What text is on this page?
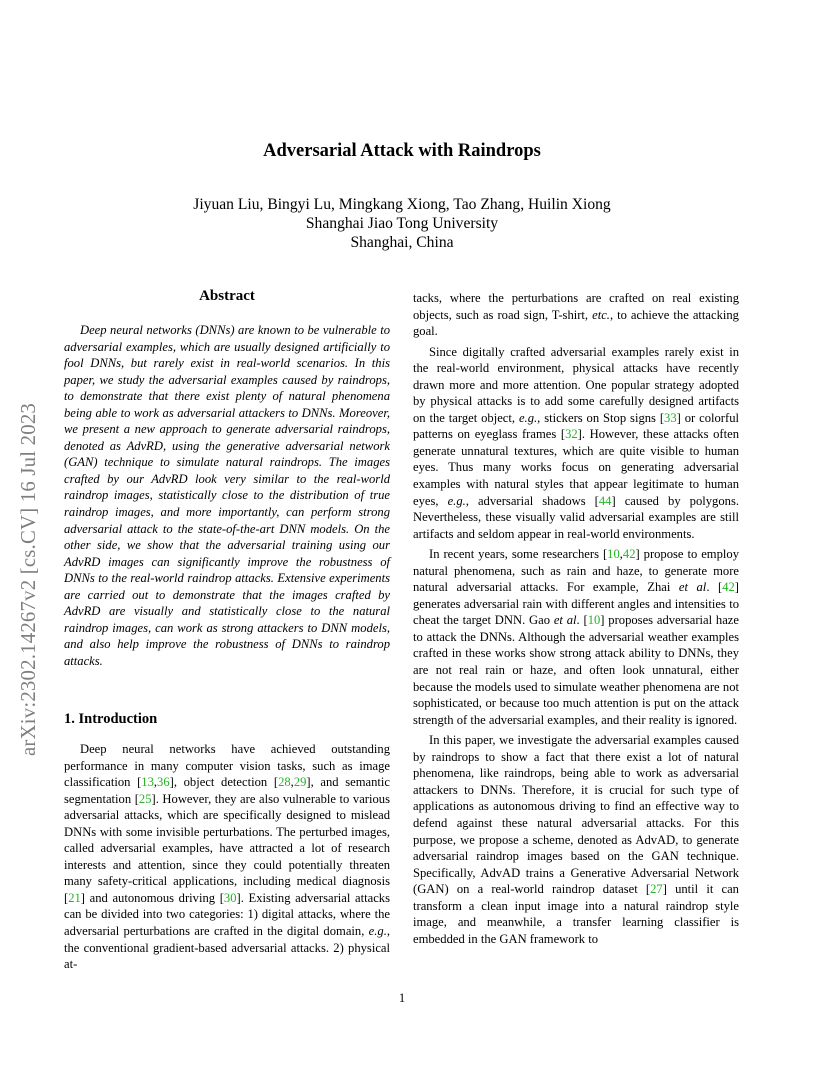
arXiv:2302.14267v2 [cs.CV] 16 Jul 2023
Adversarial Attack with Raindrops
Jiyuan Liu, Bingyi Lu, Mingkang Xiong, Tao Zhang, Huilin Xiong
Shanghai Jiao Tong University
Shanghai, China
Abstract

Deep neural networks (DNNs) are known to be vulnerable to adversarial examples, which are usually designed artificially to fool DNNs, but rarely exist in real-world scenarios. In this paper, we study the adversarial examples caused by raindrops, to demonstrate that there exist plenty of natural phenomena being able to work as adversarial attackers to DNNs. Moreover, we present a new approach to generate adversarial raindrops, denoted as AdvRD, using the generative adversarial network (GAN) technique to simulate natural raindrops. The images crafted by our AdvRD look very similar to the real-world raindrop images, statistically close to the distribution of true raindrop images, and more importantly, can perform strong adversarial attack to the state-of-the-art DNN models. On the other side, we show that the adversarial training using our AdvRD images can significantly improve the robustness of DNNs to the real-world raindrop attacks. Extensive experiments are carried out to demonstrate that the images crafted by AdvRD are visually and statistically close to the natural raindrop images, can work as strong attackers to DNN models, and also help improve the robustness of DNNs to raindrop attacks.

1. Introduction

Deep neural networks have achieved outstanding performance in many computer vision tasks, such as image classification [13,36], object detection [28,29], and semantic segmentation [25]. However, they are also vulnerable to various adversarial attacks, which are specifically designed to mislead DNNs with some invisible perturbations. The perturbed images, called adversarial examples, have attracted a lot of research interests and attention, since they could potentially threaten many safety-critical applications, including medical diagnosis [21] and autonomous driving [30]. Existing adversarial attacks can be divided into two categories: 1) digital attacks, where the adversarial perturbations are crafted in the digital domain, e.g., the conventional gradient-based adversarial attacks. 2) physical at-

tacks, where the perturbations are crafted on real existing objects, such as road sign, T-shirt, etc., to achieve the attacking goal.

Since digitally crafted adversarial examples rarely exist in the real-world environment, physical attacks have recently drawn more and more attention. One popular strategy adopted by physical attacks is to add some carefully designed artifacts on the target object, e.g., stickers on Stop signs [33] or colorful patterns on eyeglass frames [32]. However, these attacks often generate unnatural textures, which are quite visible to human eyes. Thus many works focus on generating adversarial examples with natural styles that appear legitimate to human eyes, e.g., adversarial shadows [44] caused by polygons. Nevertheless, these visually valid adversarial examples are still artifacts and seldom appear in real-world environments.

In recent years, some researchers [10,42] propose to employ natural phenomena, such as rain and haze, to generate more natural adversarial attacks. For example, Zhai et al. [42] generates adversarial rain with different angles and intensities to cheat the target DNN. Gao et al. [10] proposes adversarial haze to attack the DNNs. Although the adversarial weather examples crafted in these works show strong attack ability to DNNs, they are not real rain or haze, and often look unnatural, either because the models used to simulate weather phenomena are not sophisticated, or because too much attention is put on the attack strength of the adversarial examples, and their reality is ignored.

In this paper, we investigate the adversarial examples caused by raindrops to show a fact that there exist a lot of natural phenomena, like raindrops, being able to work as adversarial attackers to DNNs. Therefore, it is crucial for such type of applications as autonomous driving to find an effective way to defend against these natural adversarial attacks. For this purpose, we propose a scheme, denoted as AdvAD, to generate adversarial raindrop images based on the GAN technique. Specifically, AdvAD trains a Generative Adversarial Network (GAN) on a real-world raindrop dataset [27] until it can transform a clean input image into a natural raindrop style image, and meanwhile, a transfer learning classifier is embedded in the GAN framework to

1
